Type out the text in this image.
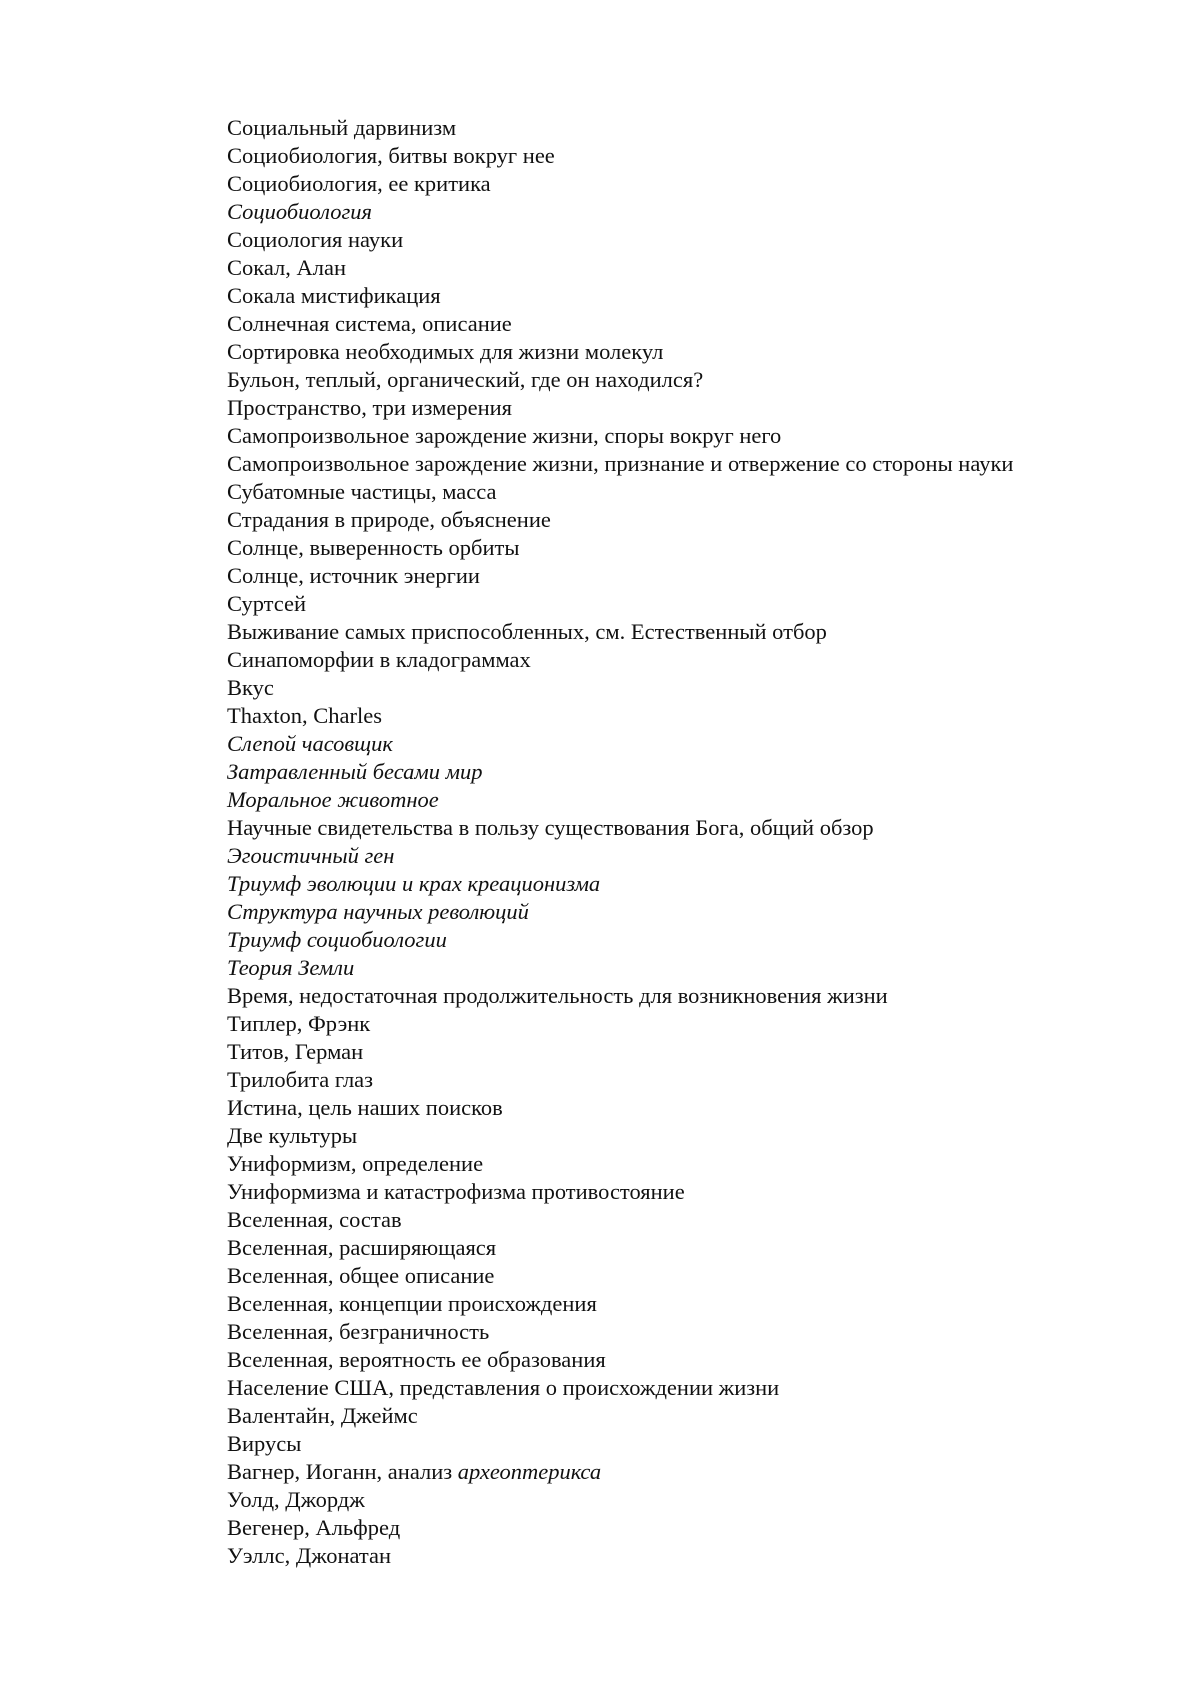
Социальный дарвинизм
Социобиология, битвы вокруг нее
Социобиология, ее критика
Социобиология
Социология науки
Сокал, Алан
Сокала мистификация
Солнечная система, описание
Сортировка необходимых для жизни молекул
Бульон, теплый, органический, где он находился?
Пространство, три измерения
Самопроизвольное зарождение жизни, споры вокруг него
Самопроизвольное зарождение жизни, признание и отвержение со стороны науки
Субатомные частицы, масса
Страдания в природе, объяснение
Солнце, выверенность орбиты
Солнце, источник энергии
Суртсей
Выживание самых приспособленных, см. Естественный отбор
Синапоморфии в кладограммах
Вкус
Thaxton, Charles
Слепой часовщик
Затравленный бесами мир
Моральное животное
Научные свидетельства в пользу существования Бога, общий обзор
Эгоистичный ген
Триумф эволюции и крах креационизма
Структура научных революций
Триумф социобиологии
Теория Земли
Время, недостаточная продолжительность для возникновения жизни
Типлер, Фрэнк
Титов, Герман
Трилобита глаз
Истина, цель наших поисков
Две культуры
Униформизм, определение
Униформизма и катастрофизма противостояние
Вселенная, состав
Вселенная, расширяющаяся
Вселенная, общее описание
Вселенная, концепции происхождения
Вселенная, безграничность
Вселенная, вероятность ее образования
Население США, представления о происхождении жизни
Валентайн, Джеймс
Вирусы
Вагнер, Иоганн, анализ археоптерикса
Уолд, Джордж
Вегенер, Альфред
Уэллс, Джонатан
